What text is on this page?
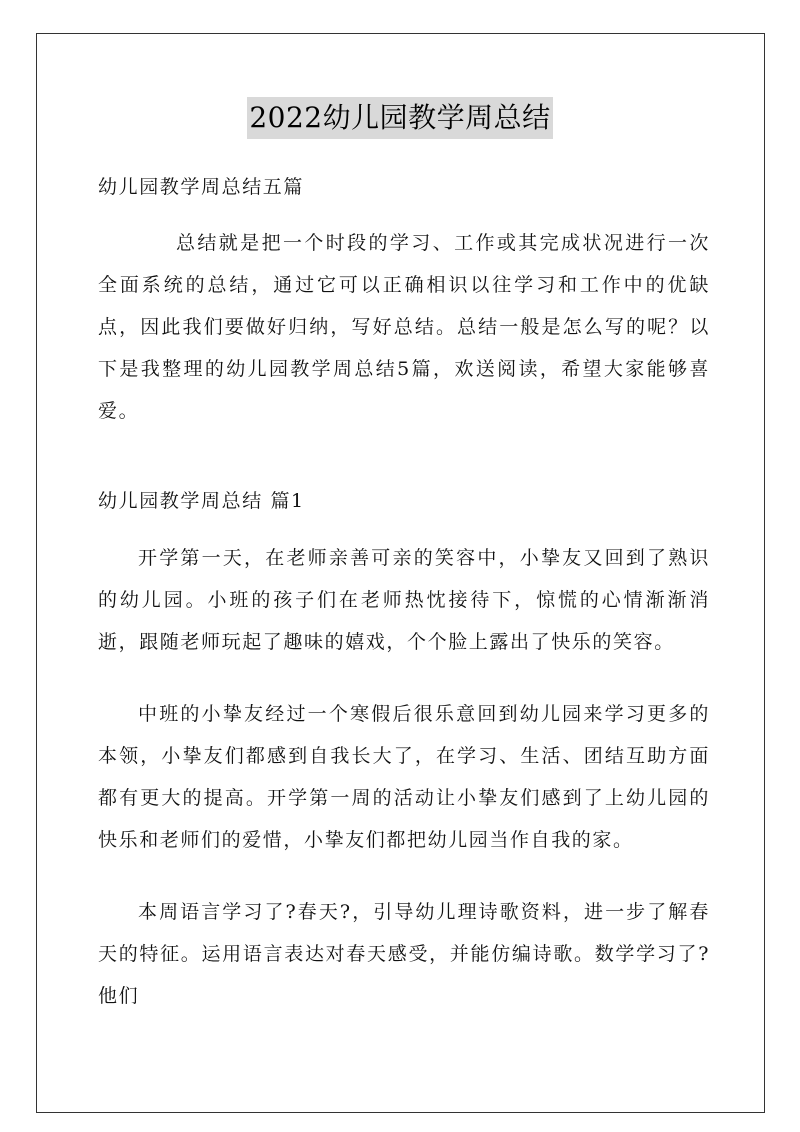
2022幼儿园教学周总结

幼儿园教学周总结五篇

总结就是把一个时段的学习、工作或其完成状况进行一次全面系统的总结，通过它可以正确相识以往学习和工作中的优缺点，因此我们要做好归纳，写好总结。总结一般是怎么写的呢？以下是我整理的幼儿园教学周总结5篇，欢送阅读，希望大家能够喜爱。

幼儿园教学周总结 篇1

开学第一天，在老师亲善可亲的笑容中，小挚友又回到了熟识的幼儿园。小班的孩子们在老师热忱接待下，惊慌的心情渐渐消逝，跟随老师玩起了趣味的嬉戏，个个脸上露出了快乐的笑容。

中班的小挚友经过一个寒假后很乐意回到幼儿园来学习更多的本领，小挚友们都感到自我长大了，在学习、生活、团结互助方面都有更大的提高。开学第一周的活动让小挚友们感到了上幼儿园的快乐和老师们的爱惜，小挚友们都把幼儿园当作自我的家。

本周语言学习了?春天?，引导幼儿理诗歌资料，进一步了解春天的特征。运用语言表达对春天感受，并能仿编诗歌。数学学习了?他们
